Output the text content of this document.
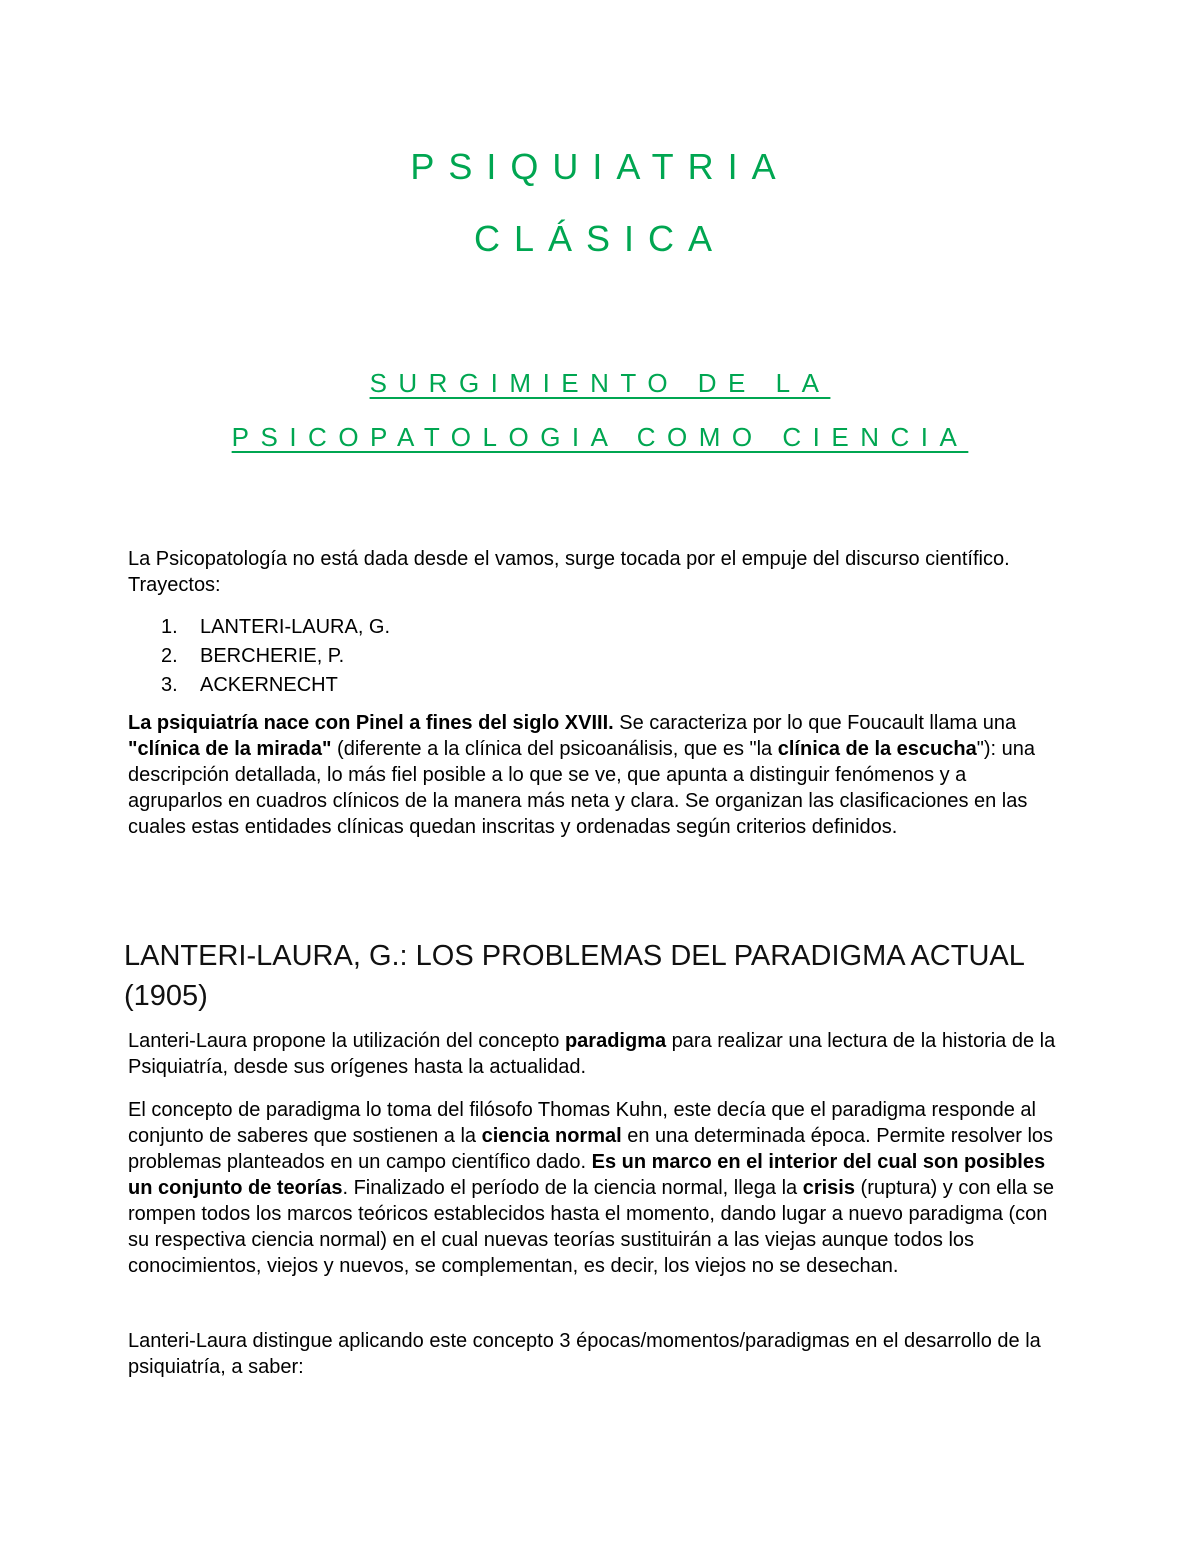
PSIQUIATRIA
CLÁSICA
SURGIMIENTO DE LA
PSICOPATOLOGIA COMO CIENCIA

La Psicopatología no está dada desde el vamos, surge tocada por el empuje del discurso científico. Trayectos:

1. LANTERI-LAURA, G.
2. BERCHERIE, P.
3. ACKERNECHT

La psiquiatría nace con Pinel a fines del siglo XVIII. Se caracteriza por lo que Foucault llama una "clínica de la mirada" (diferente a la clínica del psicoanálisis, que es "la clínica de la escucha"): una descripción detallada, lo más fiel posible a lo que se ve, que apunta a distinguir fenómenos y a agruparlos en cuadros clínicos de la manera más neta y clara. Se organizan las clasificaciones en las cuales estas entidades clínicas quedan inscritas y ordenadas según criterios definidos.

LANTERI-LAURA, G.: LOS PROBLEMAS DEL PARADIGMA ACTUAL (1905)

Lanteri-Laura propone la utilización del concepto paradigma para realizar una lectura de la historia de la Psiquiatría, desde sus orígenes hasta la actualidad.

El concepto de paradigma lo toma del filósofo Thomas Kuhn, este decía que el paradigma responde al conjunto de saberes que sostienen a la ciencia normal en una determinada época. Permite resolver los problemas planteados en un campo científico dado. Es un marco en el interior del cual son posibles un conjunto de teorías. Finalizado el período de la ciencia normal, llega la crisis (ruptura) y con ella se rompen todos los marcos teóricos establecidos hasta el momento, dando lugar a nuevo paradigma (con su respectiva ciencia normal) en el cual nuevas teorías sustituirán a las viejas aunque todos los conocimientos, viejos y nuevos, se complementan, es decir, los viejos no se desechan.

Lanteri-Laura distingue aplicando este concepto 3 épocas/momentos/paradigmas en el desarrollo de la psiquiatría, a saber:
